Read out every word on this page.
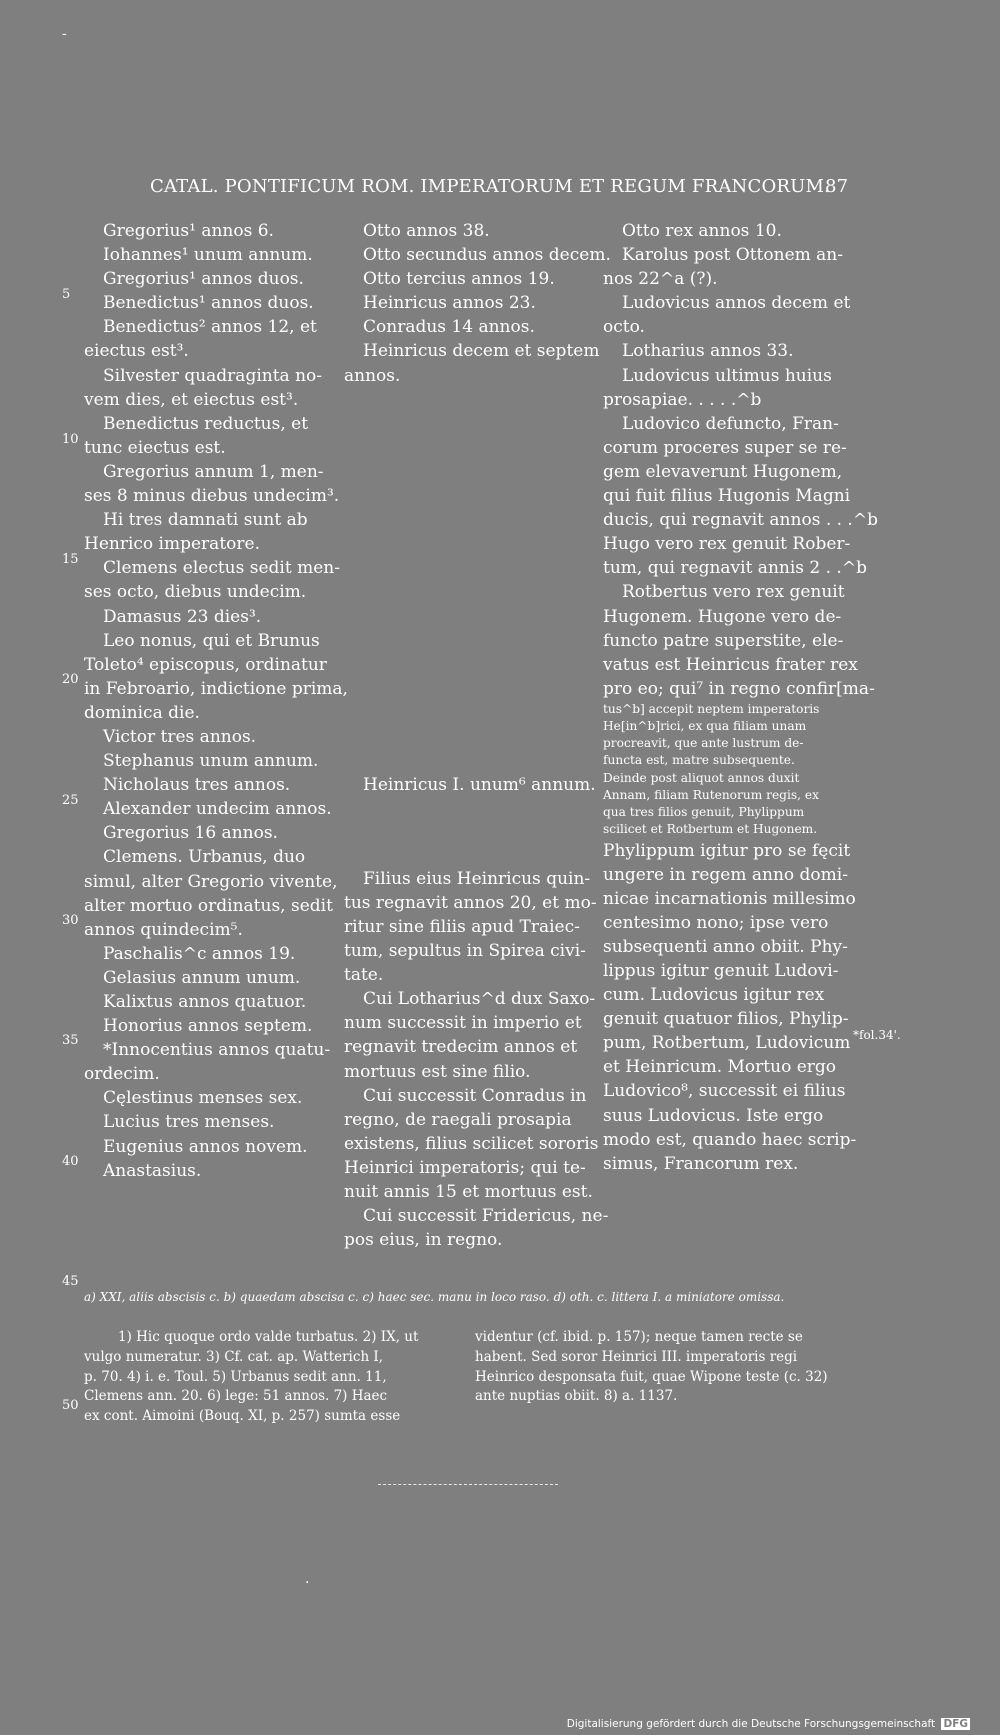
-
CATAL. PONTIFICUM ROM. IMPERATORUM ET REGUM FRANCORUM.
87
5
10
15
20
25
30
35
40
45
50
Gregorius¹ annos 6.
Iohannes¹ unum annum.
Gregorius¹ annos duos.
Benedictus¹ annos duos.
Benedictus² annos 12, et
eiectus est³.
Silvester quadraginta no-
vem dies, et eiectus est³.
Benedictus reductus, et
tunc eiectus est.
Gregorius annum 1, men-
ses 8 minus diebus undecim³.
Hi tres damnati sunt ab
Henrico imperatore.
Clemens electus sedit men-
ses octo, diebus undecim.
Damasus 23 dies³.
Leo nonus, qui et Brunus
Toleto⁴ episcopus, ordinatur
in Febroario, indictione prima,
dominica die.
Victor tres annos.
Stephanus unum annum.
Nicholaus tres annos.
Alexander undecim annos.
Gregorius 16 annos.
Clemens. Urbanus, duo
simul, alter Gregorio vivente,
alter mortuo ordinatus, sedit
annos quindecim⁵.
Paschalis^c annos 19.
Gelasius annum unum.
Kalixtus annos quatuor.
Honorius annos septem.
*Innocentius annos quatu-
ordecim.
Cęlestinus menses sex.
Lucius tres menses.
Eugenius annos novem.
Anastasius.
Otto annos 38.
Otto secundus annos decem.
Otto tercius annos 19.
Heinricus annos 23.
Conradus 14 annos.
Heinricus decem et septem
annos.
Heinricus I. unum⁶ annum.
Filius eius Heinricus quin-
tus regnavit annos 20, et mo-
ritur sine filiis apud Traiec-
tum, sepultus in Spirea civi-
tate.
Cui Lotharius^d dux Saxo-
num successit in imperio et
regnavit tredecim annos et
mortuus est sine filio.
Cui successit Conradus in
regno, de raegali prosapia
existens, filius scilicet sororis
Heinrici imperatoris; qui te-
nuit annis 15 et mortuus est.
Cui successit Fridericus, ne-
pos eius, in regno.
Otto rex annos 10.
Karolus post Ottonem an-
nos 22^a (?).
Ludovicus annos decem et
octo.
Lotharius annos 33.
Ludovicus ultimus huius
prosapiae. . . . .^b
Ludovico defuncto, Fran-
corum proceres super se re-
gem elevaverunt Hugonem,
qui fuit filius Hugonis Magni
ducis, qui regnavit annos . . .^b
Hugo vero rex genuit Rober-
tum, qui regnavit annis 2 . .^b
Rotbertus vero rex genuit
Hugonem. Hugone vero de-
functo patre superstite, ele-
vatus est Heinricus frater rex
pro eo; qui⁷ in regno confir[ma-
tus^b] accepit neptem imperatoris
He[in^b]rici, ex qua filiam unam
procreavit, que ante lustrum de-
functa est, matre subsequente.
Deinde post aliquot annos duxit
Annam, filiam Rutenorum regis, ex
qua tres filios genuit, Phylippum
scilicet et Rotbertum et Hugonem.
Phylippum igitur pro se fęcit
ungere in regem anno domi-
nicae incarnationis millesimo
centesimo nono; ipse vero
subsequenti anno obiit. Phy-
lippus igitur genuit Ludovi-
cum. Ludovicus igitur rex
genuit quatuor filios, Phylip-
pum, Rotbertum, Ludovicum
et Heinricum. Mortuo ergo
Ludovico⁸, successit ei filius
suus Ludovicus. Iste ergo
modo est, quando haec scrip-
simus, Francorum rex.
*fol.34'.
a) XXI, aliis abscisis c. b) quaedam abscisa c. c) haec sec. manu in loco raso. d) oth. c. littera I. a miniatore omissa.
1) Hic quoque ordo valde turbatus. 2) IX, ut
vulgo numeratur. 3) Cf. cat. ap. Watterich I,
p. 70. 4) i. e. Toul. 5) Urbanus sedit ann. 11,
Clemens ann. 20. 6) lege: 51 annos. 7) Haec
ex cont. Aimoini (Bouq. XI, p. 257) sumta esse
videntur (cf. ibid. p. 157); neque tamen recte se
habent. Sed soror Heinrici III. imperatoris regi
Heinrico desponsata fuit, quae Wipone teste (c. 32)
ante nuptias obiit. 8) a. 1137.
·
Digitalisierung gefördert durch die Deutsche Forschungsgemeinschaft DFG
